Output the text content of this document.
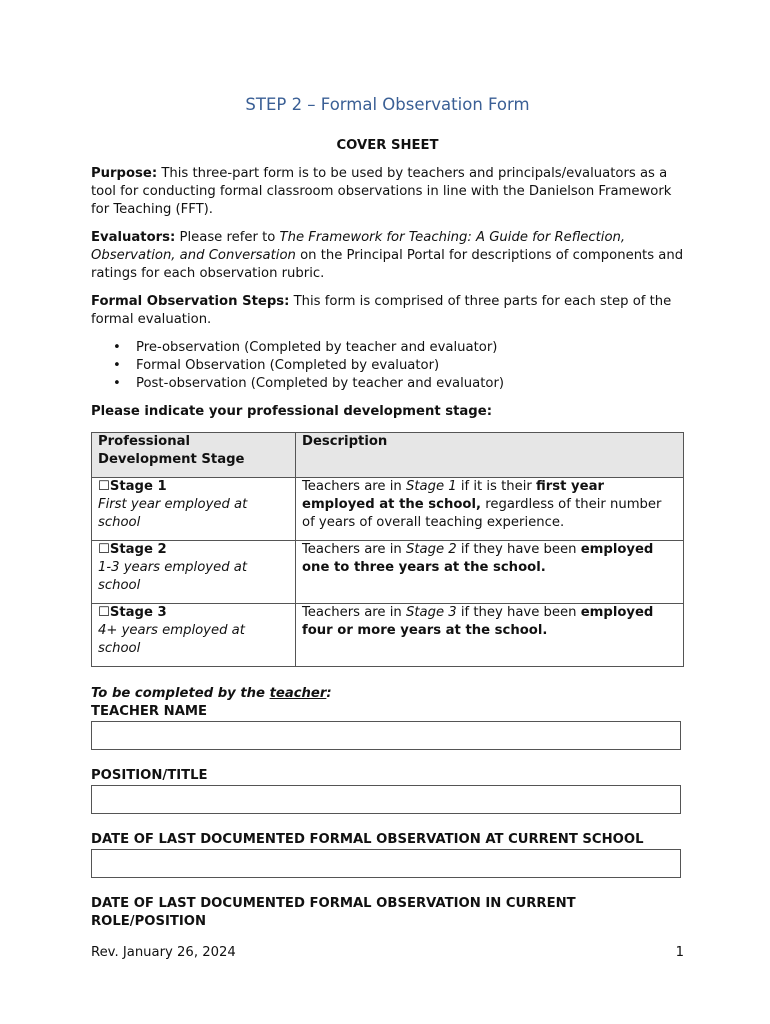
STEP 2 – Formal Observation Form
COVER SHEET

Purpose: This three-part form is to be used by teachers and principals/evaluators as a tool for conducting formal classroom observations in line with the Danielson Framework for Teaching (FFT).

Evaluators: Please refer to The Framework for Teaching: A Guide for Reflection, Observation, and Conversation on the Principal Portal for descriptions of components and ratings for each observation rubric.

Formal Observation Steps: This form is comprised of three parts for each step of the formal evaluation.

• Pre-observation (Completed by teacher and evaluator)
• Formal Observation (Completed by evaluator)
• Post-observation (Completed by teacher and evaluator)
Please indicate your professional development stage:
Professional Development Stage	Description
☐Stage 1
First year employed at school	Teachers are in Stage 1 if it is their first year employed at the school, regardless of their number of years of overall teaching experience.
☐Stage 2
1-3 years employed at school	Teachers are in Stage 2 if they have been employed one to three years at the school.
☐Stage 3
4+ years employed at school	Teachers are in Stage 3 if they have been employed four or more years at the school.
To be completed by the teacher:
TEACHER NAME
POSITION/TITLE
DATE OF LAST DOCUMENTED FORMAL OBSERVATION AT CURRENT SCHOOL
DATE OF LAST DOCUMENTED FORMAL OBSERVATION IN CURRENT ROLE/POSITION
Rev. January 26, 2024	1
